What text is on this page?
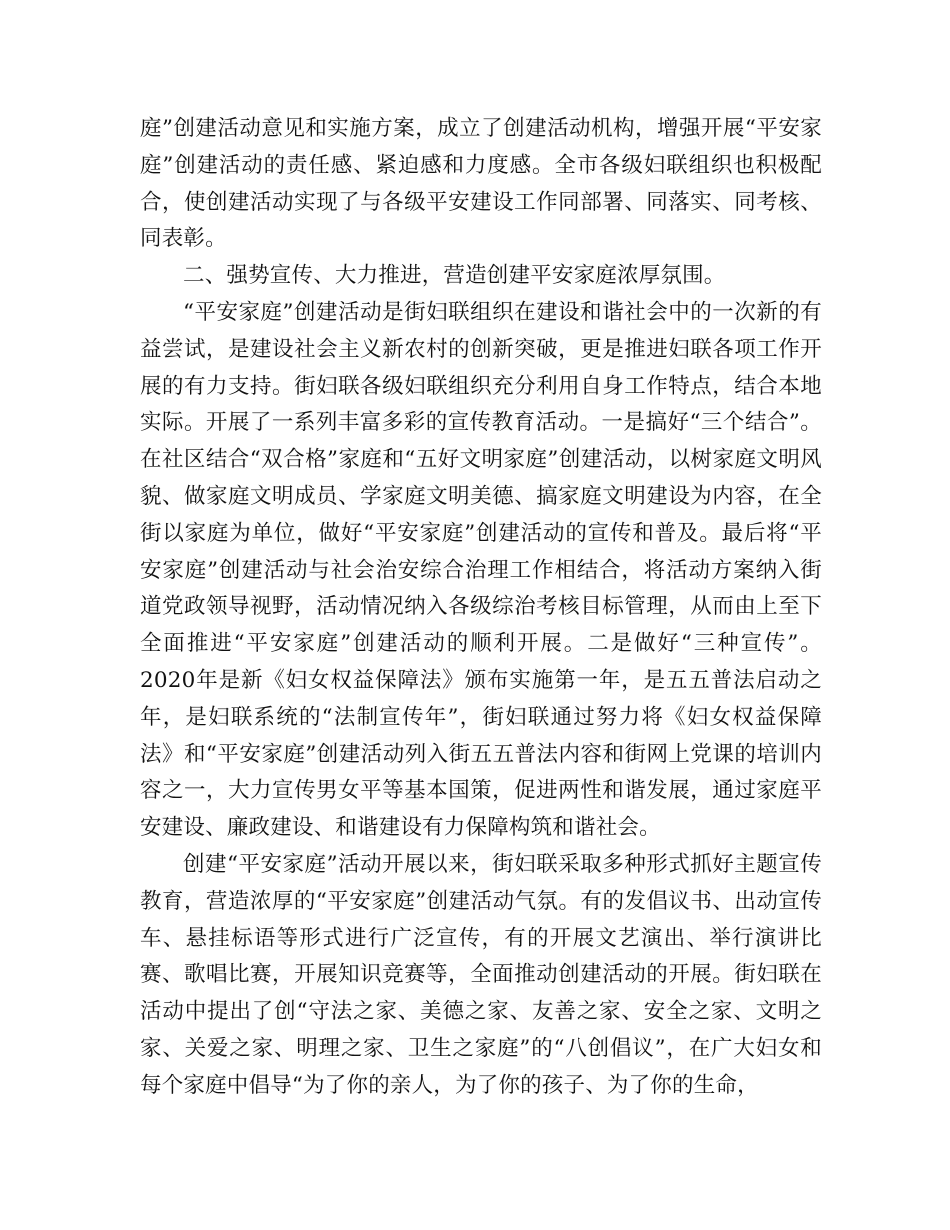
庭”创建活动意见和实施方案，成立了创建活动机构，增强开展“平安家庭”创建活动的责任感、紧迫感和力度感。全市各级妇联组织也积极配合，使创建活动实现了与各级平安建设工作同部署、同落实、同考核、同表彰。

二、强势宣传、大力推进，营造创建平安家庭浓厚氛围。

“平安家庭”创建活动是街妇联组织在建设和谐社会中的一次新的有益尝试，是建设社会主义新农村的创新突破，更是推进妇联各项工作开展的有力支持。街妇联各级妇联组织充分利用自身工作特点，结合本地实际。开展了一系列丰富多彩的宣传教育活动。一是搞好“三个结合”。在社区结合“双合格”家庭和“五好文明家庭”创建活动，以树家庭文明风貌、做家庭文明成员、学家庭文明美德、搞家庭文明建设为内容，在全街以家庭为单位，做好“平安家庭”创建活动的宣传和普及。最后将“平安家庭”创建活动与社会治安综合治理工作相结合，将活动方案纳入街道党政领导视野，活动情况纳入各级综治考核目标管理，从而由上至下全面推进“平安家庭”创建活动的顺利开展。二是做好“三种宣传”。2020年是新《妇女权益保障法》颁布实施第一年，是五五普法启动之年，是妇联系统的“法制宣传年”，街妇联通过努力将《妇女权益保障法》和“平安家庭”创建活动列入街五五普法内容和街网上党课的培训内容之一，大力宣传男女平等基本国策，促进两性和谐发展，通过家庭平安建设、廉政建设、和谐建设有力保障构筑和谐社会。

创建“平安家庭”活动开展以来，街妇联采取多种形式抓好主题宣传教育，营造浓厚的“平安家庭”创建活动气氛。有的发倡议书、出动宣传车、悬挂标语等形式进行广泛宣传，有的开展文艺演出、举行演讲比赛、歌唱比赛，开展知识竞赛等，全面推动创建活动的开展。街妇联在活动中提出了创“守法之家、美德之家、友善之家、安全之家、文明之家、关爱之家、明理之家、卫生之家庭”的“八创倡议”，在广大妇女和每个家庭中倡导“为了你的亲人，为了你的孩子、为了你的生命，
